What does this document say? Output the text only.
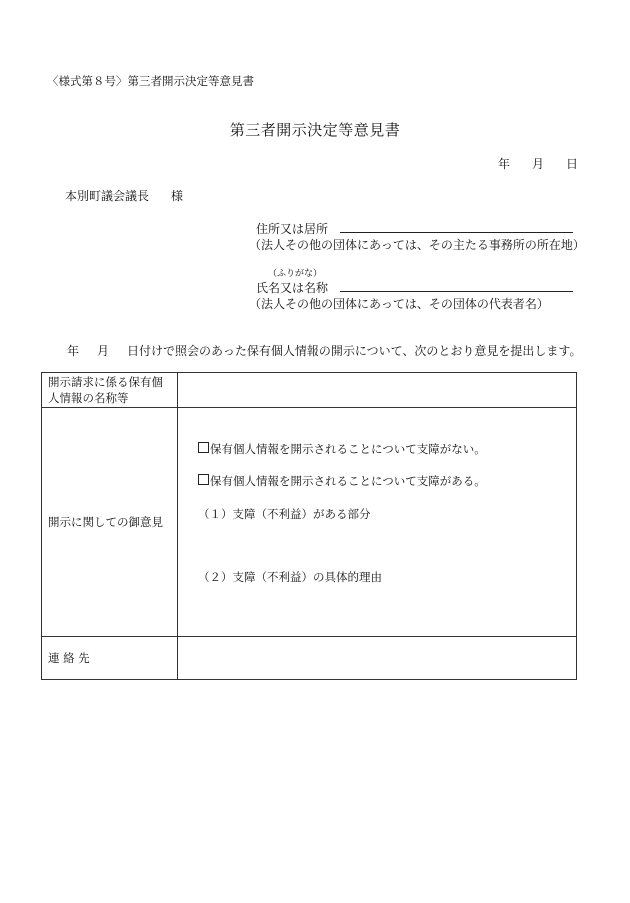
〈様式第８号〉第三者開示決定等意見書
第三者開示決定等意見書
年 月 日
本別町議会議長 様
住所又は居所
（法人その他の団体にあっては、その主たる事務所の所在地）
（ふりがな）
氏名又は名称
（法人その他の団体にあっては、その団体の代表者名）
年 月 日付けで照会のあった保有個人情報の開示について、次のとおり意見を提出します。
開示請求に係る保有個人情報の名称等	
開示に関しての御意見	保有個人情報を開示されることについて支障がない。
保有個人情報を開示されることについて支障がある。
（１）支障（不利益）がある部分
（２）支障（不利益）の具体的理由

連 絡 先	
